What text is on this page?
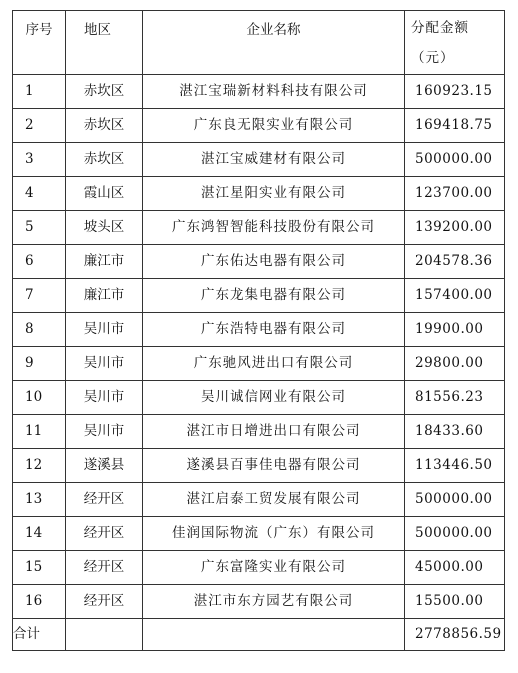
序号	地区	企业名称	分配金额（元）
1	赤坎区	湛江宝瑞新材料科技有限公司	160923.15
2	赤坎区	广东良无限实业有限公司	169418.75
3	赤坎区	湛江宝威建材有限公司	500000.00
4	霞山区	湛江星阳实业有限公司	123700.00
5	坡头区	广东鸿智智能科技股份有限公司	139200.00
6	廉江市	广东佑达电器有限公司	204578.36
7	廉江市	广东龙集电器有限公司	157400.00
8	吴川市	广东浩特电器有限公司	19900.00
9	吴川市	广东驰风进出口有限公司	29800.00
10	吴川市	吴川诚信网业有限公司	81556.23
11	吴川市	湛江市日增进出口有限公司	18433.60
12	遂溪县	遂溪县百事佳电器有限公司	113446.50
13	经开区	湛江启泰工贸发展有限公司	500000.00
14	经开区	佳润国际物流（广东）有限公司	500000.00
15	经开区	广东富隆实业有限公司	45000.00
16	经开区	湛江市东方园艺有限公司	15500.00
合计			2778856.59
